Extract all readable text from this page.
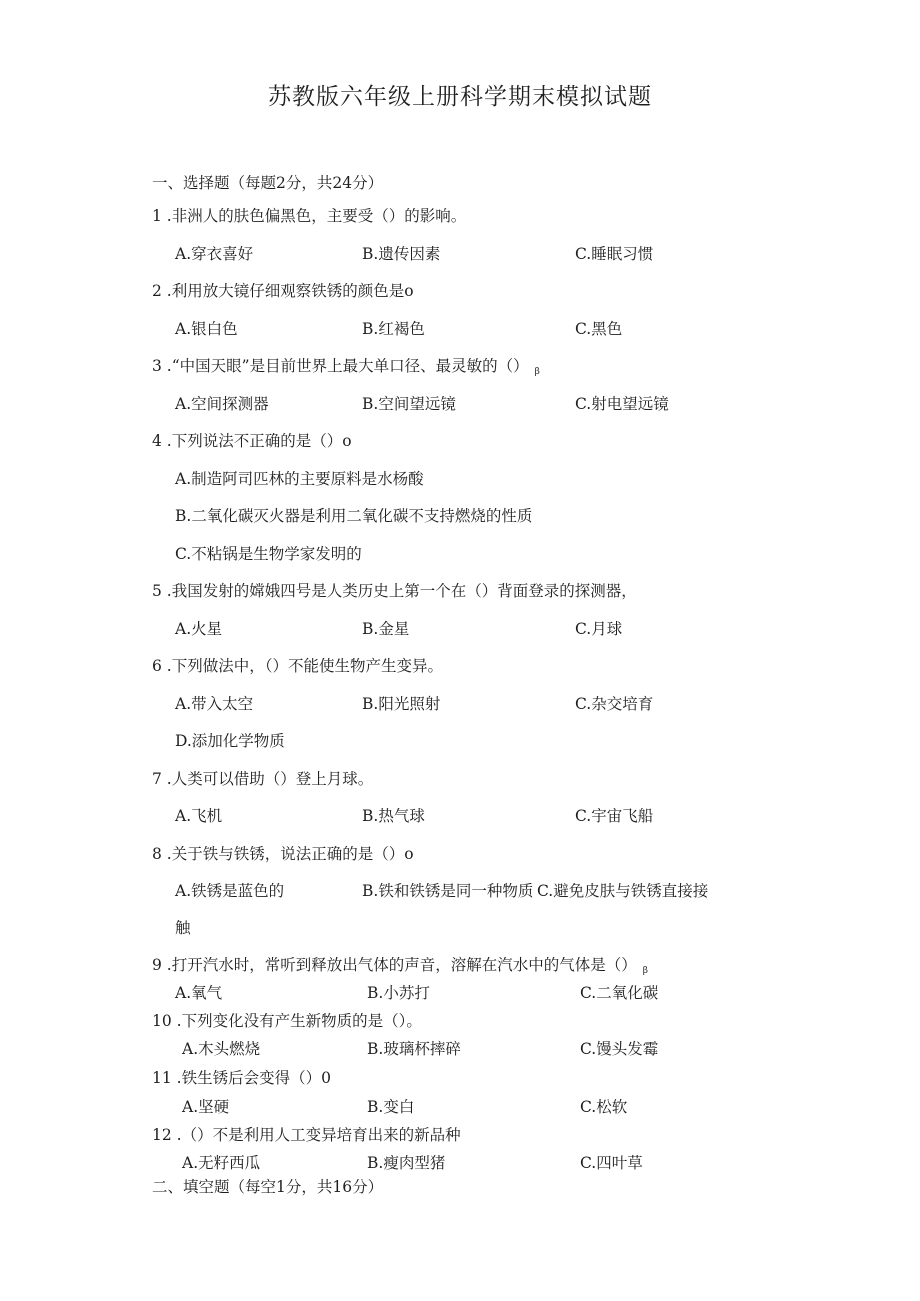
苏教版六年级上册科学期末模拟试题
一、选择题（每题2分，共24分）
1 .非洲人的肤色偏黑色，主要受（）的影响。
A.穿衣喜好	B.遗传因素	C.睡眠习惯
2 .利用放大镜仔细观察铁锈的颜色是o
A.银白色	B.红褐色	C.黑色
3 .“中国天眼”是目前世界上最大单口径、最灵敏的（） $_\beta$
A.空间探测器	B.空间望远镜	C.射电望远镜
4 .下列说法不正确的是（）o
A.制造阿司匹林的主要原料是水杨酸
B.二氧化碳灭火器是利用二氧化碳不支持燃烧的性质
C.不粘锅是生物学家发明的
5 .我国发射的嫦娥四号是人类历史上第一个在（）背面登录的探测器，
A.火星	B.金星	C.月球
6 .下列做法中，（）不能使生物产生变异。
A.带入太空	B.阳光照射	C.杂交培育
D.添加化学物质
7 .人类可以借助（）登上月球。
A.飞机	B.热气球	C.宇宙飞船
8 .关于铁与铁锈，说法正确的是（）o
A.铁锈是蓝色的	B.铁和铁锈是同一种物质 C.避免皮肤与铁锈直接接
触
9 .打开汽水时，常听到释放出气体的声音，溶解在汽水中的气体是（） $_\beta$
A.氧气	B.小苏打	C.二氧化碳
10 .下列变化没有产生新物质的是（）。
A.木头燃烧	B.玻璃杯摔碎	C.馒头发霉
11 .铁生锈后会变得（）0
A.坚硬	B.变白	C.松软
12 .（）不是利用人工变异培育出来的新品种
A.无籽西瓜	B.瘦肉型猪	C.四叶草
二、填空题（每空1分，共16分）
